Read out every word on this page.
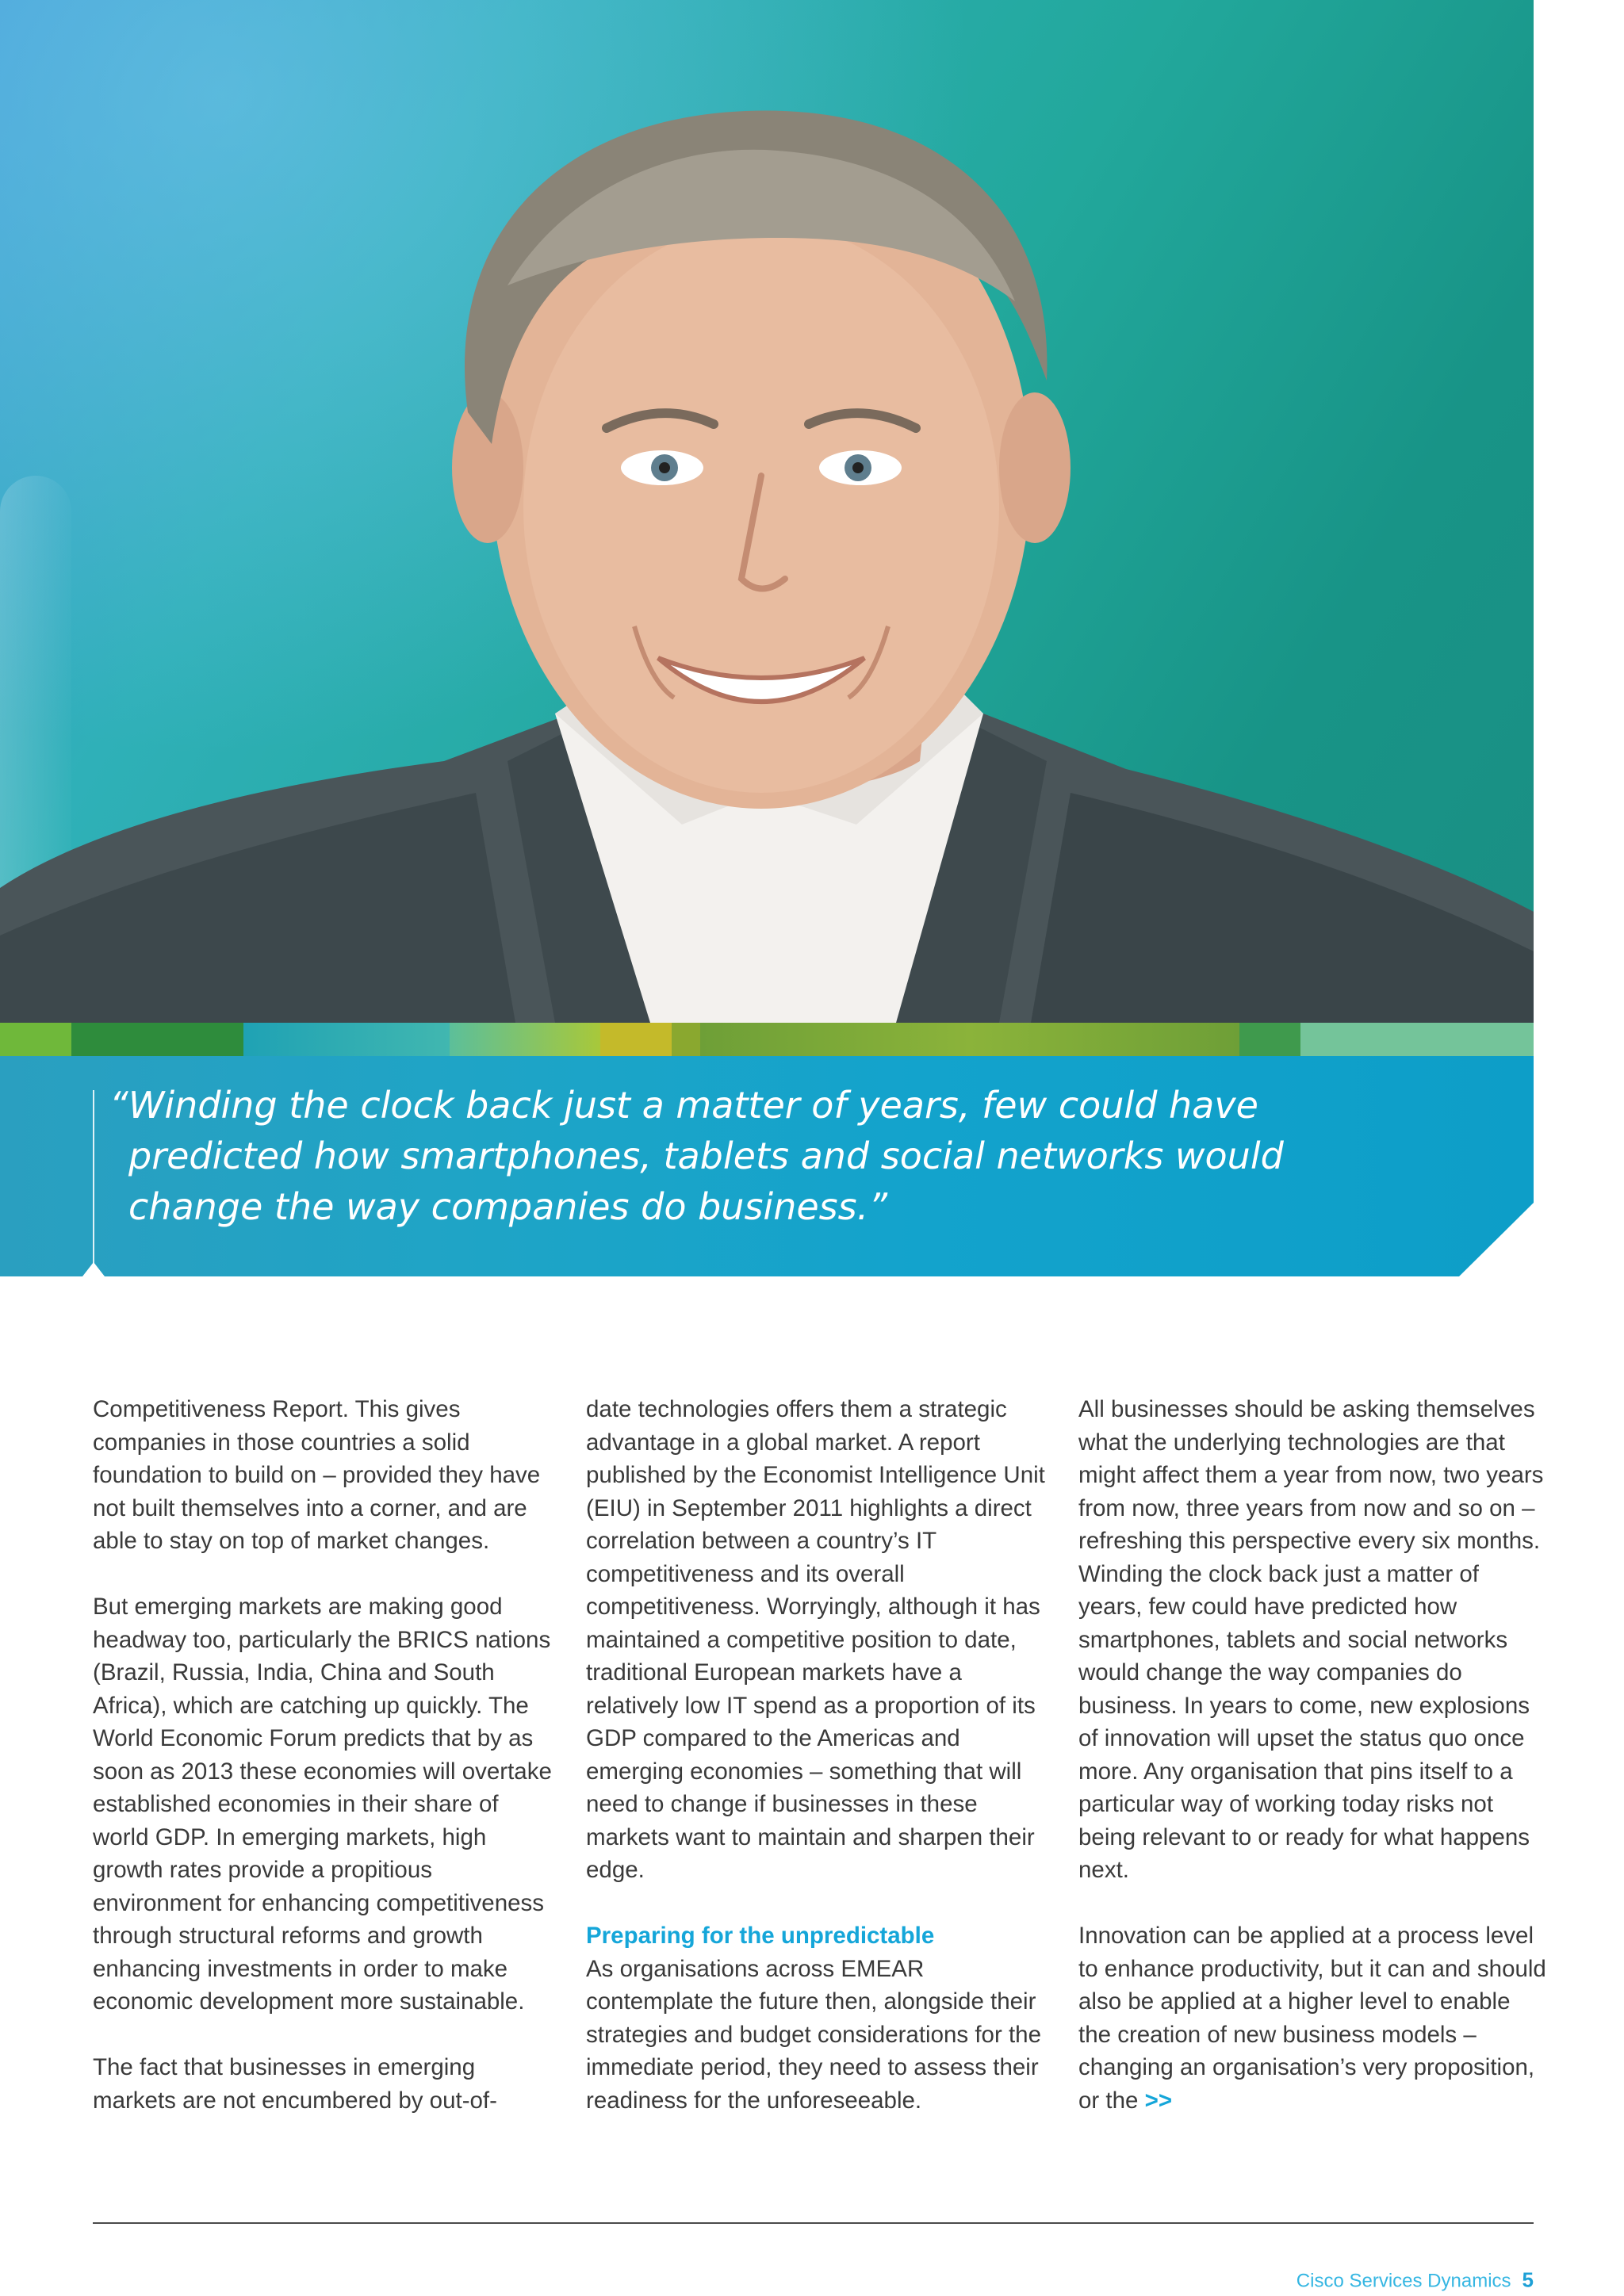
“Winding the clock back just a matter of years, few could have predicted how smartphones, tablets and social networks would change the way companies do business.”

Competitiveness Report. This gives companies in those countries a solid foundation to build on – provided they have not built themselves into a corner, and are able to stay on top of market changes.

But emerging markets are making good headway too, particularly the BRICS nations (Brazil, Russia, India, China and South Africa), which are catching up quickly. The World Economic Forum predicts that by as soon as 2013 these economies will overtake established economies in their share of world GDP. In emerging markets, high growth rates provide a propitious environment for enhancing competitiveness through structural reforms and growth enhancing investments in order to make economic development more sustainable.

The fact that businesses in emerging markets are not encumbered by out-of-

date technologies offers them a strategic advantage in a global market. A report published by the Economist Intelligence Unit (EIU) in September 2011 highlights a direct correlation between a country’s IT competitiveness and its overall competitiveness. Worryingly, although it has maintained a competitive position to date, traditional European markets have a relatively low IT spend as a proportion of its GDP compared to the Americas and emerging economies – something that will need to change if businesses in these markets want to maintain and sharpen their edge.

Preparing for the unpredictable

As organisations across EMEAR contemplate the future then, alongside their strategies and budget considerations for the immediate period, they need to assess their readiness for the unforeseeable.

All businesses should be asking themselves what the underlying technologies are that might affect them a year from now, two years from now, three years from now and so on – refreshing this perspective every six months. Winding the clock back just a matter of years, few could have predicted how smartphones, tablets and social networks would change the way companies do business. In years to come, new explosions of innovation will upset the status quo once more. Any organisation that pins itself to a particular way of working today risks not being relevant to or ready for what happens next.

Innovation can be applied at a process level to enhance productivity, but it can and should also be applied at a higher level to enable the creation of new business models – changing an organisation’s very proposition, or the >>

Cisco Services Dynamics 5
